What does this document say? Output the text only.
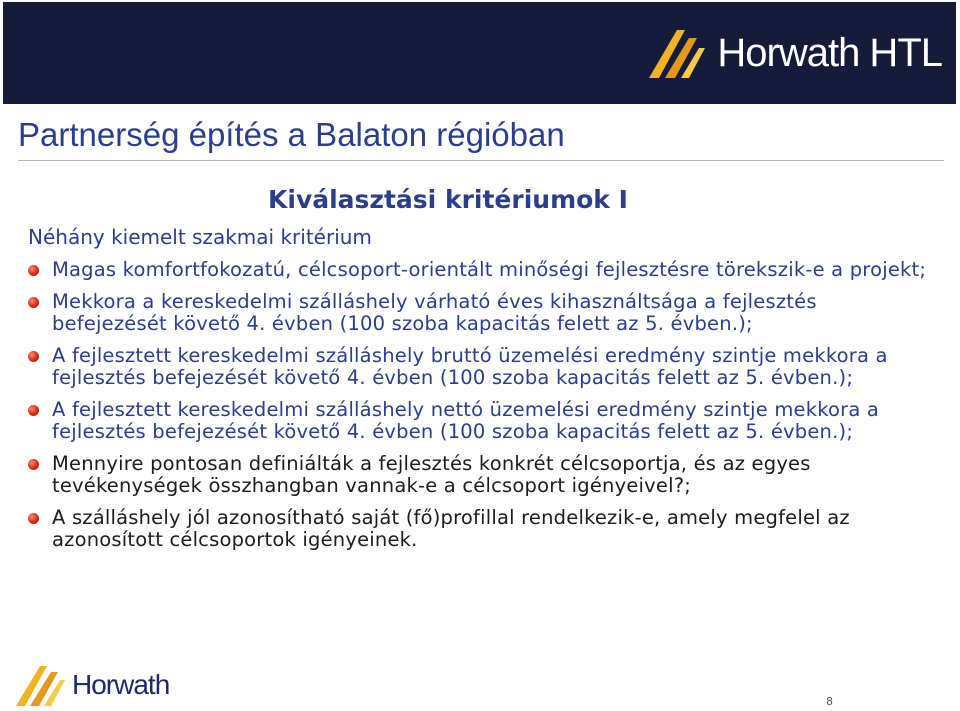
Horwath HTL
Partnerség építés a Balaton régióban
Kiválasztási kritériumok I
Néhány kiemelt szakmai kritérium
Magas komfortfokozatú, célcsoport-orientált minőségi fejlesztésre törekszik-e a projekt;
Mekkora a kereskedelmi szálláshely várható éves kihasználtsága a fejlesztés befejezését követő 4. évben (100 szoba kapacitás felett az 5. évben.);
A fejlesztett kereskedelmi szálláshely bruttó üzemelési eredmény szintje mekkora a fejlesztés befejezését követő 4. évben (100 szoba kapacitás felett az 5. évben.);
A fejlesztett kereskedelmi szálláshely nettó üzemelési eredmény szintje mekkora a fejlesztés befejezését követő 4. évben (100 szoba kapacitás felett az 5. évben.);
Mennyire pontosan definiálták a fejlesztés konkrét célcsoportja, és az egyes tevékenységek összhangban vannak-e a célcsoport igényeivel?;
A szálláshely jól azonosítható saját (fő)profillal rendelkezik-e, amely megfelel az azonosított célcsoportok igényeinek.
Horwath
8
